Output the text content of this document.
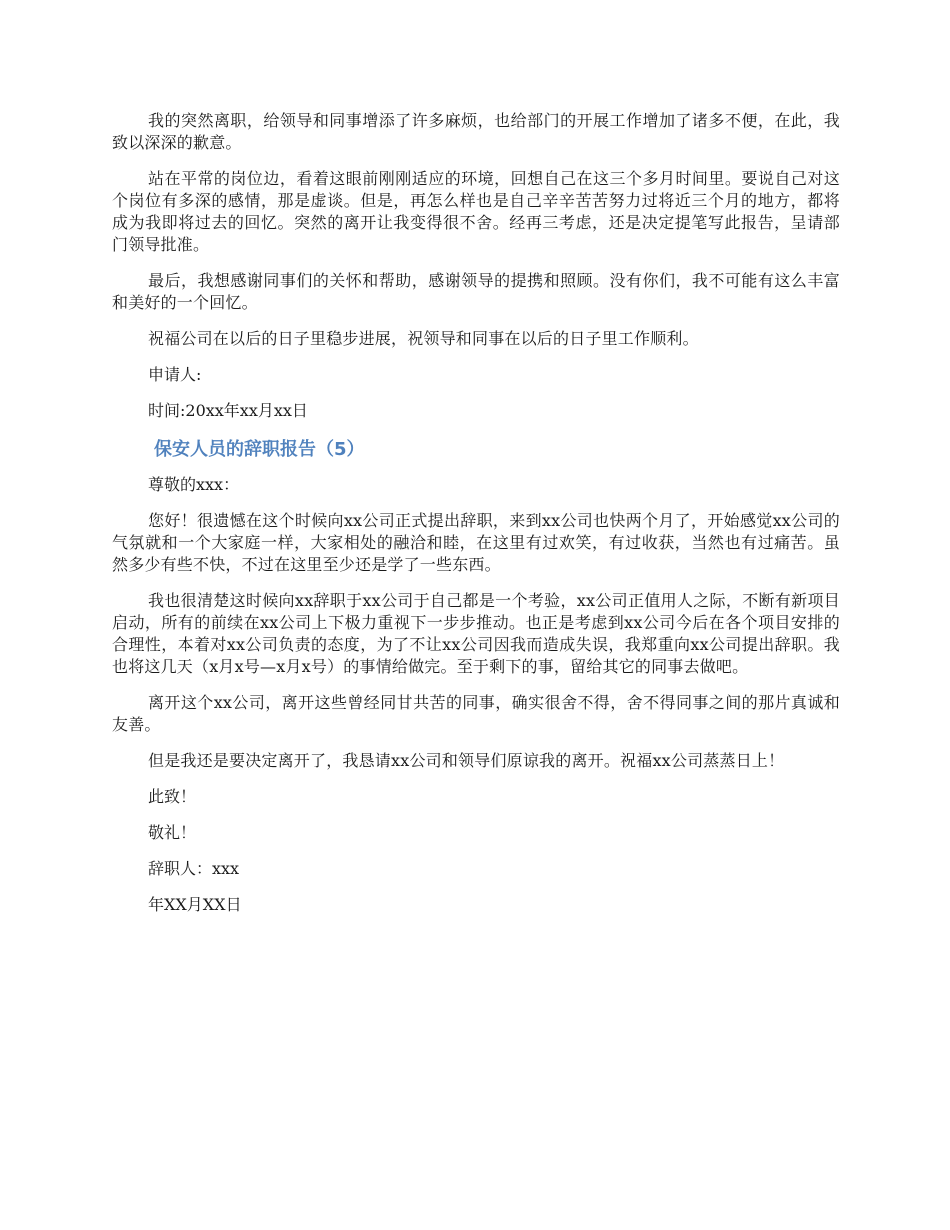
我的突然离职，给领导和同事增添了许多麻烦，也给部门的开展工作增加了诸多不便，在此，我致以深深的歉意。

站在平常的岗位边，看着这眼前刚刚适应的环境，回想自己在这三个多月时间里。要说自己对这个岗位有多深的感情，那是虚谈。但是，再怎么样也是自己辛辛苦苦努力过将近三个月的地方，都将成为我即将过去的回忆。突然的离开让我变得很不舍。经再三考虑，还是决定提笔写此报告，呈请部门领导批准。

最后，我想感谢同事们的关怀和帮助，感谢领导的提携和照顾。没有你们，我不可能有这么丰富和美好的一个回忆。

祝福公司在以后的日子里稳步进展，祝领导和同事在以后的日子里工作顺利。

申请人:

时间:20xx年xx月xx日

保安人员的辞职报告（5）

尊敬的xxx：

您好！很遗憾在这个时候向xx公司正式提出辞职，来到xx公司也快两个月了，开始感觉xx公司的气氛就和一个大家庭一样，大家相处的融洽和睦，在这里有过欢笑，有过收获，当然也有过痛苦。虽然多少有些不快，不过在这里至少还是学了一些东西。

我也很清楚这时候向xx辞职于xx公司于自己都是一个考验，xx公司正值用人之际，不断有新项目启动，所有的前续在xx公司上下极力重视下一步步推动。也正是考虑到xx公司今后在各个项目安排的合理性，本着对xx公司负责的态度，为了不让xx公司因我而造成失误，我郑重向xx公司提出辞职。我也将这几天（x月x号—x月x号）的事情给做完。至于剩下的事，留给其它的同事去做吧。

离开这个xx公司，离开这些曾经同甘共苦的同事，确实很舍不得，舍不得同事之间的那片真诚和友善。

但是我还是要决定离开了，我恳请xx公司和领导们原谅我的离开。祝福xx公司蒸蒸日上！

此致！

敬礼！

辞职人：xxx

年XX月XX日
